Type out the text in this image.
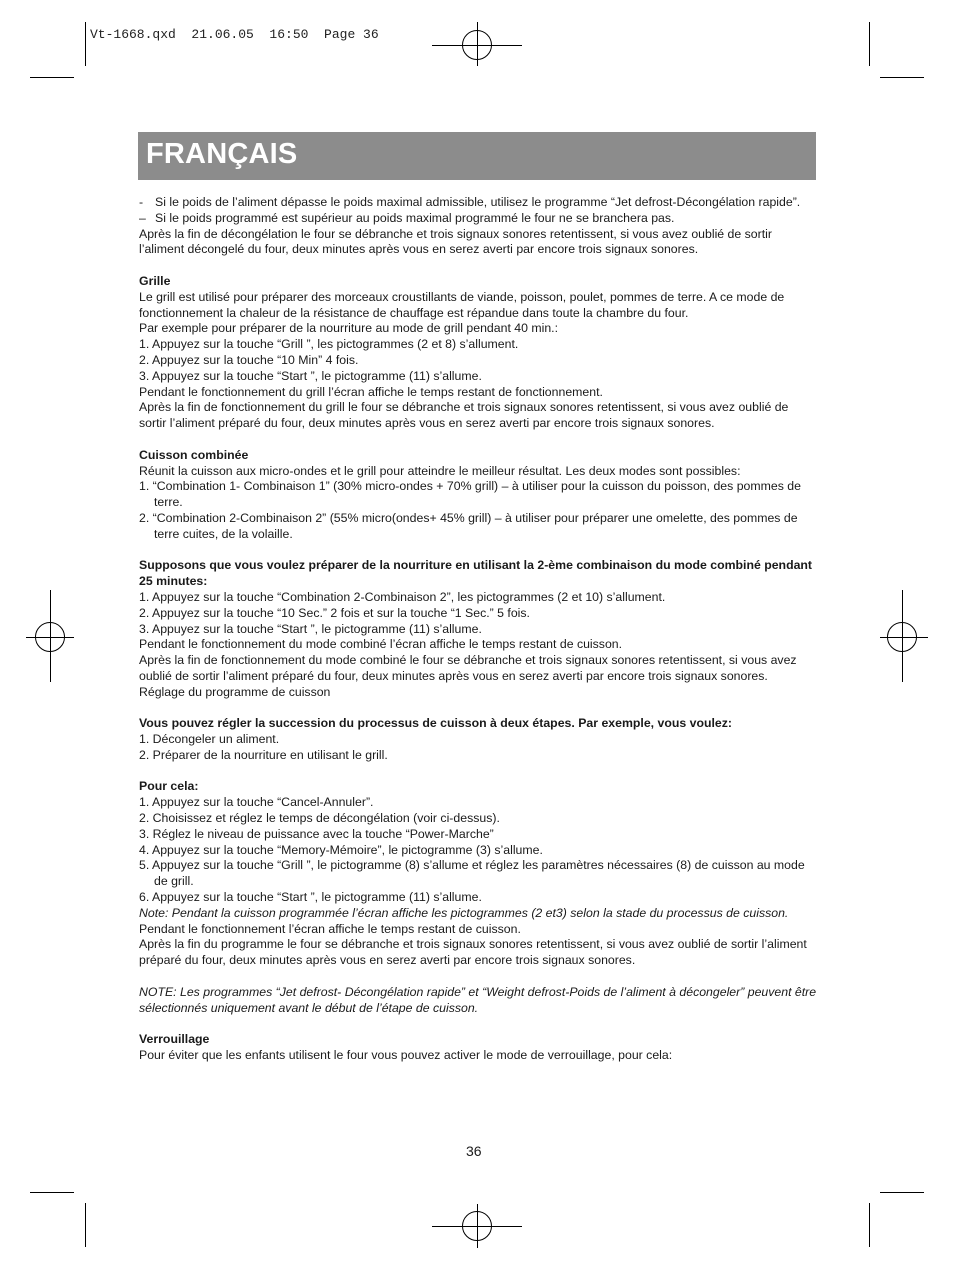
Vt-1668.qxd  21.06.05  16:50  Page 36
FRANÇAIS
- Si le poids de l’aliment dépasse le poids maximal admissible, utilisez le programme “Jet defrost-Décongélation rapide”.
– Si le poids programmé est supérieur au poids maximal programmé le four ne se branchera pas.

Après la fin de décongélation le four se débranche et trois signaux sonores retentissent, si vous avez oublié de sortir l’aliment décongelé du four, deux minutes après vous en serez averti par encore trois signaux sonores.

Grille

Le grill est utilisé pour préparer des morceaux croustillants de viande, poisson, poulet, pommes de terre. A ce mode de fonctionnement la chaleur de la résistance de chauffage est répandue dans toute la chambre du four.

Par exemple pour préparer de la nourriture au mode de grill pendant 40 min.:

1. Appuyez sur la touche “Grill ”, les pictogrammes (2 et 8) s’allument.

2. Appuyez sur la touche “10 Min” 4 fois.

3. Appuyez sur la touche “Start ”, le pictogramme (11) s’allume.

Pendant le fonctionnement du grill l’écran affiche le temps restant de fonctionnement.

Après la fin de fonctionnement du grill le four se débranche et trois signaux sonores retentissent, si vous avez oublié de sortir l’aliment préparé du four, deux minutes après vous en serez averti par encore trois signaux sonores.

Cuisson combinée

Réunit la cuisson aux micro-ondes et le grill pour atteindre le meilleur résultat. Les deux modes sont possibles:

1. “Combination 1- Combinaison 1” (30% micro-ondes + 70% grill) – à utiliser pour la cuisson du poisson, des pommes de terre.

2. “Combination 2-Combinaison 2” (55% micro(ondes+ 45% grill) – à utiliser pour préparer une omelette, des pommes de terre cuites, de la volaille.

Supposons que vous voulez préparer de la nourriture en utilisant la 2-ème combinaison du mode combiné pendant 25 minutes:

1. Appuyez sur la touche “Combination 2-Combinaison 2”, les pictogrammes (2 et 10) s’allument.

2. Appuyez sur la touche “10 Sec.” 2 fois et sur la touche “1 Sec.” 5 fois.

3. Appuyez sur la touche “Start ”, le pictogramme (11) s’allume.

Pendant le fonctionnement du mode combiné l’écran affiche le temps restant de cuisson.

Après la fin de fonctionnement du mode combiné le four se débranche et trois signaux sonores retentissent, si vous avez oublié de sortir l’aliment préparé du four, deux minutes après vous en serez averti par encore trois signaux sonores.

Réglage du programme de cuisson

Vous pouvez régler la succession du processus de cuisson à deux étapes. Par exemple, vous voulez:

1. Décongeler un aliment.

2. Préparer de la nourriture en utilisant le grill.

Pour cela:

1. Appuyez sur la touche “Cancel-Annuler”.

2. Choisissez et réglez le temps de décongélation (voir ci-dessus).

3. Réglez le niveau de puissance avec la touche “Power-Marche”

4. Appuyez sur la touche “Memory-Mémoire”, le pictogramme (3) s’allume.

5. Appuyez sur la touche “Grill ”, le pictogramme (8) s’allume et réglez les paramètres nécessaires (8) de cuisson au mode de grill.

6. Appuyez sur la touche “Start ”, le pictogramme (11) s’allume.

Note: Pendant la cuisson programmée l’écran affiche les pictogrammes (2 et3) selon la stade du processus de cuisson.

Pendant le fonctionnement l’écran affiche le temps restant de cuisson.

Après la fin du programme le four se débranche et trois signaux sonores retentissent, si vous avez oublié de sortir l’aliment préparé du four, deux minutes après vous en serez averti par encore trois signaux sonores.

NOTE: Les programmes “Jet defrost- Décongélation rapide” et “Weight defrost-Poids de l’aliment à décongeler” peuvent être sélectionnés uniquement avant le début de l’étape de cuisson.

Verrouillage

Pour éviter que les enfants utilisent le four vous pouvez activer le mode de verrouillage, pour cela:

36
